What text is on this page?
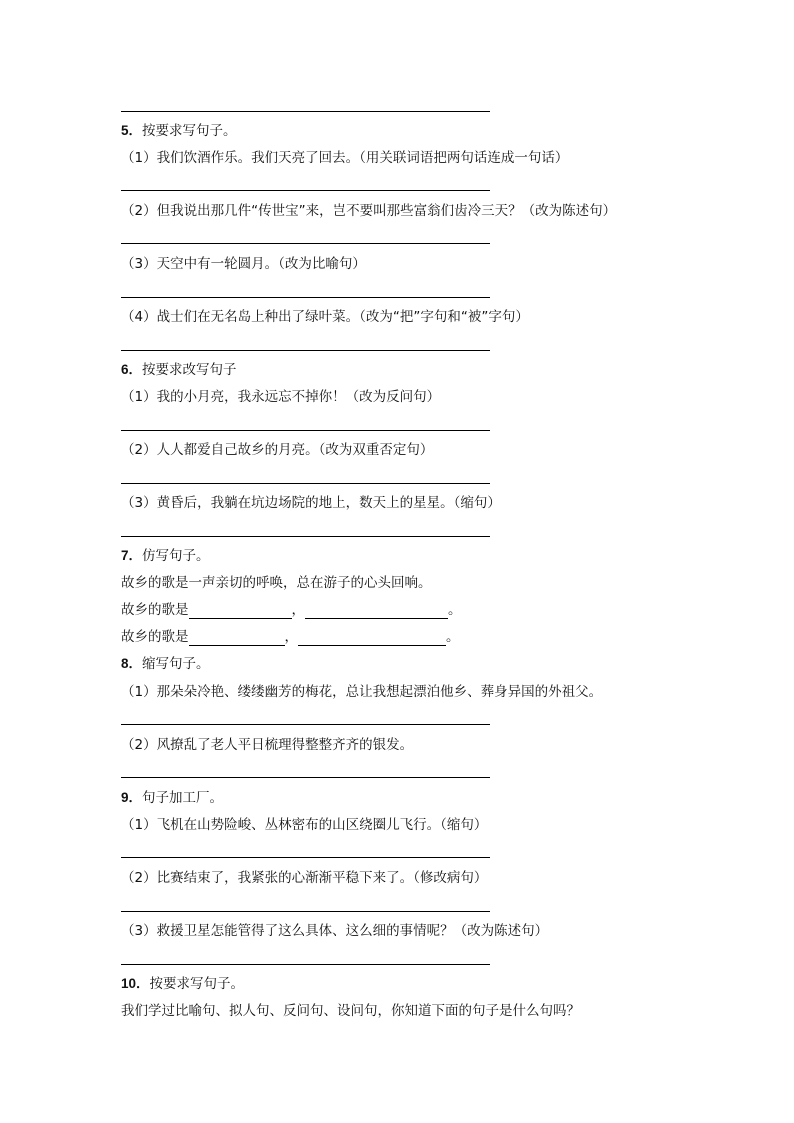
5．按要求写句子。
（1）我们饮酒作乐。我们天亮了回去。（用关联词语把两句话连成一句话）
（2）但我说出那几件“传世宝”来，岂不要叫那些富翁们齿冷三天？（改为陈述句）
（3）天空中有一轮圆月。（改为比喻句）
（4）战士们在无名岛上种出了绿叶菜。（改为“把”字句和“被”字句）
6．按要求改写句子
（1）我的小月亮，我永远忘不掉你！（改为反问句）
（2）人人都爱自己故乡的月亮。（改为双重否定句）
（3）黄昏后，我躺在坑边场院的地上，数天上的星星。（缩句）
7．仿写句子。
故乡的歌是一声亲切的呼唤，总在游子的心头回响。
故乡的歌是	，	。
故乡的歌是	，	。
8．缩写句子。
（1）那朵朵冷艳、缕缕幽芳的梅花，总让我想起漂泊他乡、葬身异国的外祖父。
（2）风撩乱了老人平日梳理得整整齐齐的银发。
9．句子加工厂。
（1）飞机在山势险峻、丛林密布的山区绕圈儿飞行。（缩句）
（2）比赛结束了，我紧张的心渐渐平稳下来了。（修改病句）
（3）救援卫星怎能管得了这么具体、这么细的事情呢？（改为陈述句）
10．按要求写句子。
我们学过比喻句、拟人句、反问句、设问句，你知道下面的句子是什么句吗？
